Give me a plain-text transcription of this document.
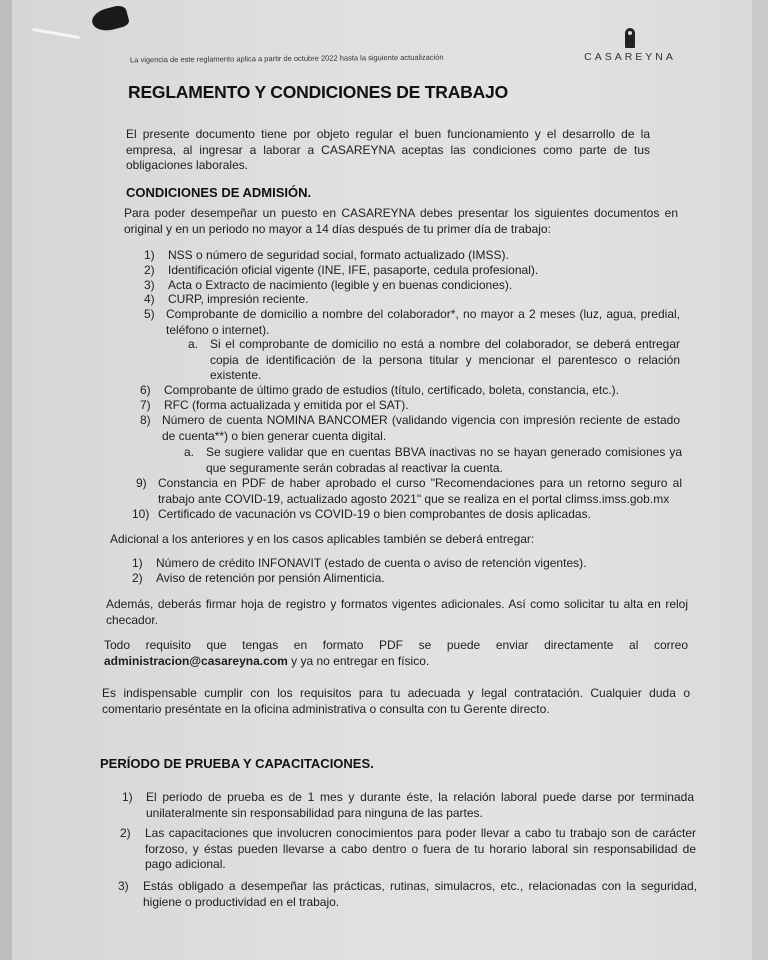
La vigencia de este reglamento aplica a partir de octubre 2022 hasta la siguiente actualización	CASAREYNA
REGLAMENTO Y CONDICIONES DE TRABAJO
El presente documento tiene por objeto regular el buen funcionamiento y el desarrollo de la empresa, al ingresar a laborar a CASAREYNA aceptas las condiciones como parte de tus obligaciones laborales.
CONDICIONES DE ADMISIÓN.
Para poder desempeñar un puesto en CASAREYNA debes presentar los siguientes documentos en original y en un periodo no mayor a 14 días después de tu primer día de trabajo:
1) NSS o número de seguridad social, formato actualizado (IMSS).
2) Identificación oficial vigente (INE, IFE, pasaporte, cedula profesional).
3) Acta o Extracto de nacimiento (legible y en buenas condiciones).
4) CURP, impresión reciente.
5) Comprobante de domicilio a nombre del colaborador*, no mayor a 2 meses (luz, agua, predial, teléfono o internet).
a. Si el comprobante de domicilio no está a nombre del colaborador, se deberá entregar copia de identificación de la persona titular y mencionar el parentesco o relación existente.
6) Comprobante de último grado de estudios (título, certificado, boleta, constancia, etc.).
7) RFC (forma actualizada y emitida por el SAT).
8) Número de cuenta NOMINA BANCOMER (validando vigencia con impresión reciente de estado de cuenta**) o bien generar cuenta digital.
a. Se sugiere validar que en cuentas BBVA inactivas no se hayan generado comisiones ya que seguramente serán cobradas al reactivar la cuenta.
9) Constancia en PDF de haber aprobado el curso "Recomendaciones para un retorno seguro al trabajo ante COVID-19, actualizado agosto 2021" que se realiza en el portal climss.imss.gob.mx
10) Certificado de vacunación vs COVID-19 o bien comprobantes de dosis aplicadas.
Adicional a los anteriores y en los casos aplicables también se deberá entregar:
1) Número de crédito INFONAVIT (estado de cuenta o aviso de retención vigentes).
2) Aviso de retención por pensión Alimenticia.
Además, deberás firmar hoja de registro y formatos vigentes adicionales. Así como solicitar tu alta en reloj checador.
Todo requisito que tengas en formato PDF se puede enviar directamente al correo administracion@casareyna.com y ya no entregar en físico.
Es indispensable cumplir con los requisitos para tu adecuada y legal contratación. Cualquier duda o comentario preséntate en la oficina administrativa o consulta con tu Gerente directo.
PERÍODO DE PRUEBA Y CAPACITACIONES.
1) El periodo de prueba es de 1 mes y durante éste, la relación laboral puede darse por terminada unilateralmente sin responsabilidad para ninguna de las partes.
2) Las capacitaciones que involucren conocimientos para poder llevar a cabo tu trabajo son de carácter forzoso, y éstas pueden llevarse a cabo dentro o fuera de tu horario laboral sin responsabilidad de pago adicional.
3) Estás obligado a desempeñar las prácticas, rutinas, simulacros, etc., relacionadas con la seguridad, higiene o productividad en el trabajo.
